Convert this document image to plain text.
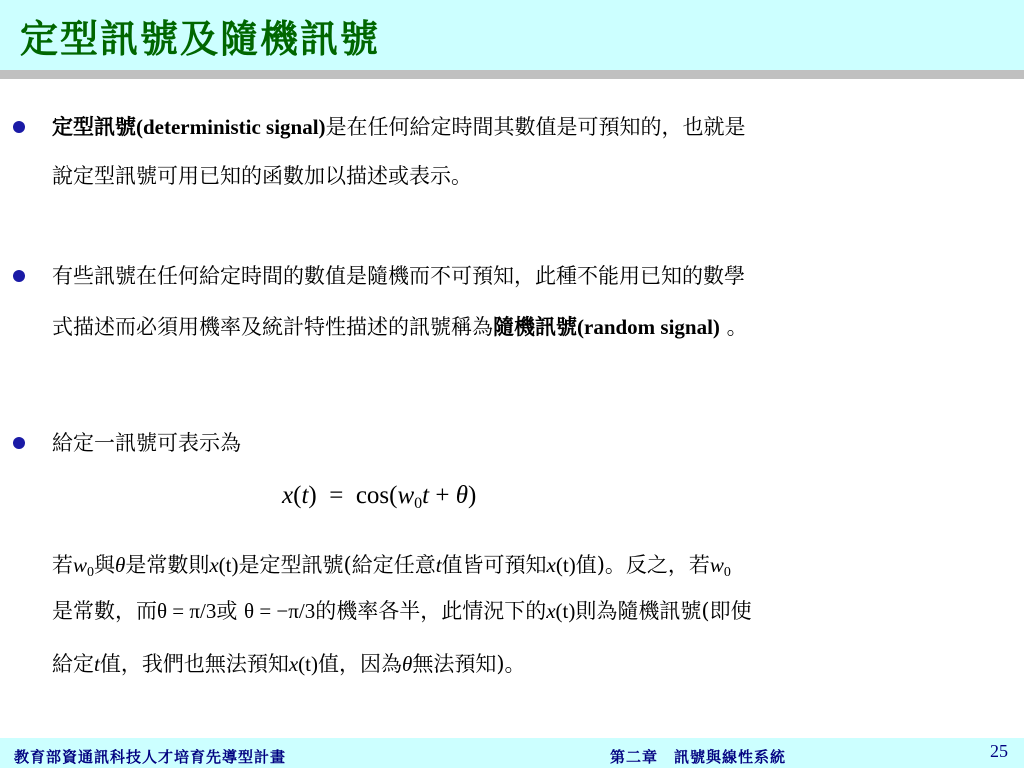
定型訊號及隨機訊號
定型訊號(deterministic signal)是在任何給定時間其數值是可預知的，也就是
說定型訊號可用已知的函數加以描述或表示。
有些訊號在任何給定時間的數值是隨機而不可預知，此種不能用已知的數學
式描述而必須用機率及統計特性描述的訊號稱為隨機訊號(random signal) 。
給定一訊號可表示為
$x(t) = \cos(w_0t + \theta)$
若$w_0$與θ是常數則x(t)是定型訊號(給定任意t值皆可預知x(t)值)。反之，若$w_0$
是常數，而θ = π/3或 θ = −π/3的機率各半，此情況下的x(t)則為隨機訊號(即使
給定t值，我們也無法預知x(t)值，因為θ無法預知)。
教育部資通訊科技人才培育先導型計畫	第二章　訊號與線性系統	25
